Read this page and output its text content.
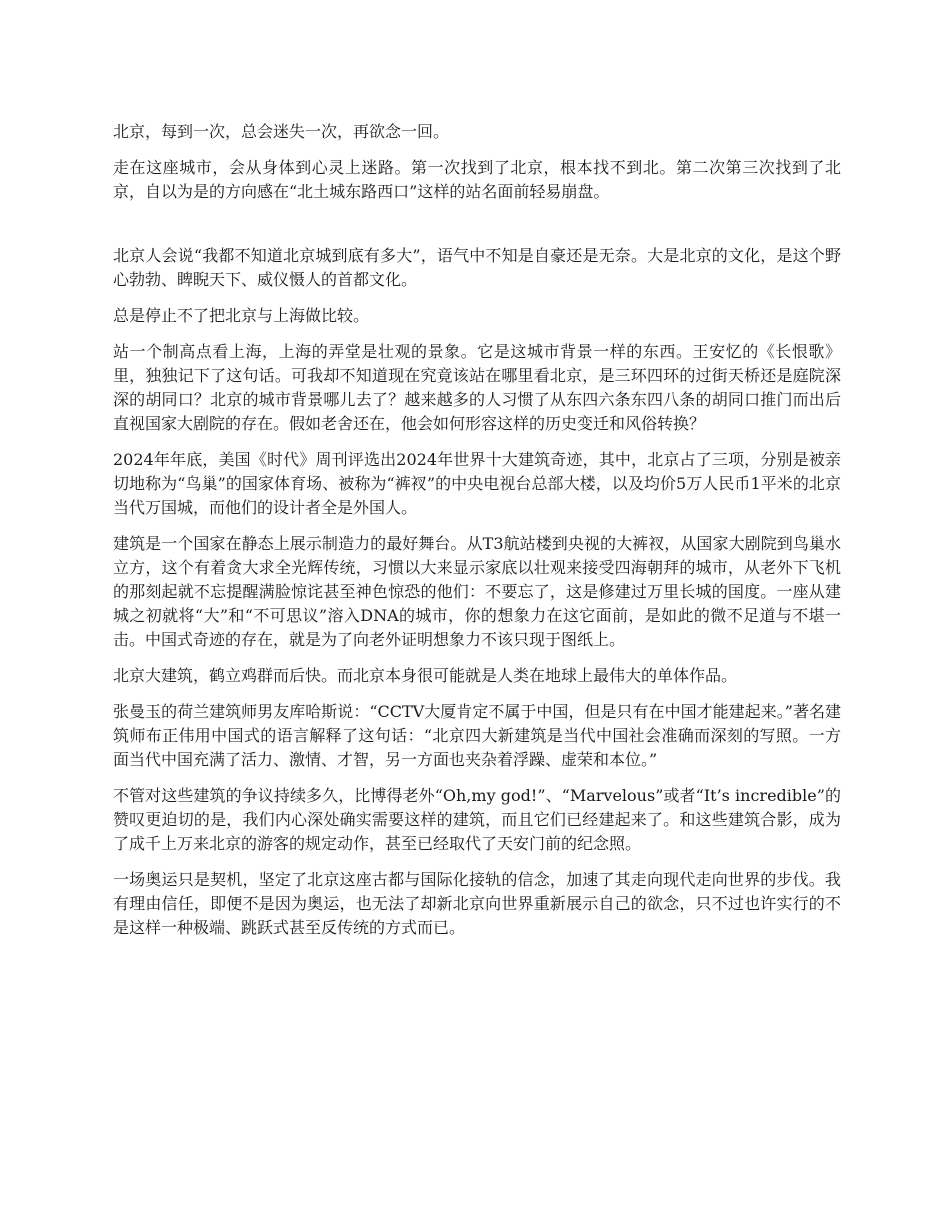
北京，每到一次，总会迷失一次，再欲念一回。

走在这座城市，会从身体到心灵上迷路。第一次找到了北京，根本找不到北。第二次第三次找到了北京，自以为是的方向感在“北土城东路西口”这样的站名面前轻易崩盘。

北京人会说“我都不知道北京城到底有多大”，语气中不知是自豪还是无奈。大是北京的文化，是这个野心勃勃、睥睨天下、威仪慑人的首都文化。

总是停止不了把北京与上海做比较。

站一个制高点看上海，上海的弄堂是壮观的景象。它是这城市背景一样的东西。王安忆的《长恨歌》里，独独记下了这句话。可我却不知道现在究竟该站在哪里看北京，是三环四环的过街天桥还是庭院深深的胡同口？北京的城市背景哪儿去了？越来越多的人习惯了从东四六条东四八条的胡同口推门而出后直视国家大剧院的存在。假如老舍还在，他会如何形容这样的历史变迁和风俗转换？

2024年年底，美国《时代》周刊评选出2024年世界十大建筑奇迹，其中，北京占了三项，分别是被亲切地称为“鸟巢”的国家体育场、被称为“裤衩”的中央电视台总部大楼，以及均价5万人民币1平米的北京当代万国城，而他们的设计者全是外国人。

建筑是一个国家在静态上展示制造力的最好舞台。从T3航站楼到央视的大裤衩，从国家大剧院到鸟巢水立方，这个有着贪大求全光辉传统，习惯以大来显示家底以壮观来接受四海朝拜的城市，从老外下飞机的那刻起就不忘提醒满脸惊诧甚至神色惊恐的他们：不要忘了，这是修建过万里长城的国度。一座从建城之初就将“大”和“不可思议”溶入DNA的城市，你的想象力在这它面前，是如此的微不足道与不堪一击。中国式奇迹的存在，就是为了向老外证明想象力不该只现于图纸上。

北京大建筑，鹤立鸡群而后快。而北京本身很可能就是人类在地球上最伟大的单体作品。

张曼玉的荷兰建筑师男友库哈斯说：“CCTV大厦肯定不属于中国，但是只有在中国才能建起来。”著名建筑师布正伟用中国式的语言解释了这句话：“北京四大新建筑是当代中国社会准确而深刻的写照。一方面当代中国充满了活力、激情、才智，另一方面也夹杂着浮躁、虚荣和本位。”

不管对这些建筑的争议持续多久，比博得老外“Oh,my god!”、“Marvelous”或者“It’s incredible”的赞叹更迫切的是，我们内心深处确实需要这样的建筑，而且它们已经建起来了。和这些建筑合影，成为了成千上万来北京的游客的规定动作，甚至已经取代了天安门前的纪念照。

一场奥运只是契机，坚定了北京这座古都与国际化接轨的信念，加速了其走向现代走向世界的步伐。我有理由信任，即便不是因为奥运，也无法了却新北京向世界重新展示自己的欲念，只不过也许实行的不是这样一种极端、跳跃式甚至反传统的方式而已。
